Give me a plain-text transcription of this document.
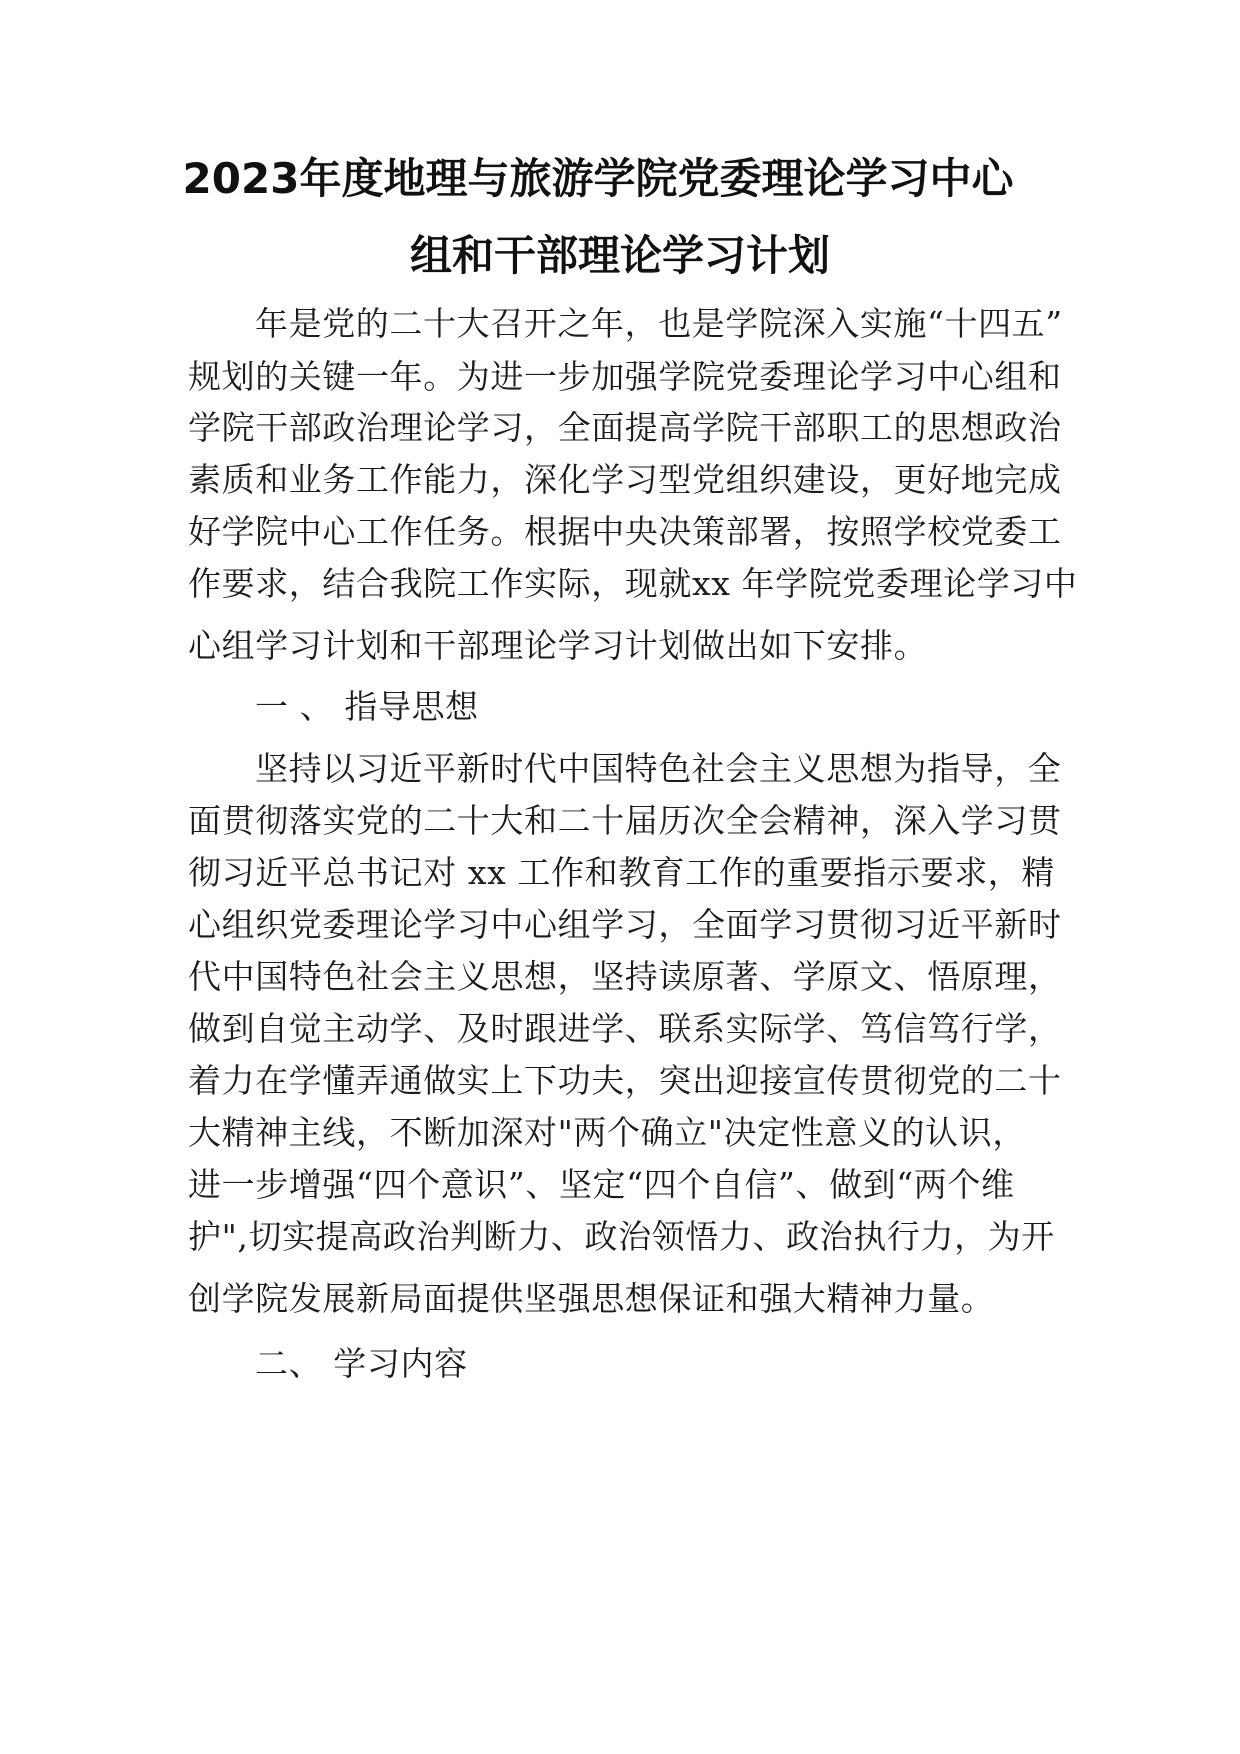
2023年度地理与旅游学院党委理论学习中心
组和干部理论学习计划
年是党的二十大召开之年，也是学院深入实施“十四五”
规划的关键一年。为进一步加强学院党委理论学习中心组和
学院干部政治理论学习，全面提高学院干部职工的思想政治
素质和业务工作能力，深化学习型党组织建设，更好地完成
好学院中心工作任务。根据中央决策部署，按照学校党委工
作要求，结合我院工作实际，现就xx 年学院党委理论学习中
心组学习计划和干部理论学习计划做出如下安排。
一 、 指导思想
坚持以习近平新时代中国特色社会主义思想为指导，全
面贯彻落实党的二十大和二十届历次全会精神，深入学习贯
彻习近平总书记对 xx 工作和教育工作的重要指示要求，精
心组织党委理论学习中心组学习，全面学习贯彻习近平新时
代中国特色社会主义思想，坚持读原著、学原文、悟原理，
做到自觉主动学、及时跟进学、联系实际学、笃信笃行学，
着力在学懂弄通做实上下功夫，突出迎接宣传贯彻党的二十
大精神主线，不断加深对"两个确立"决定性意义的认识，
进一步增强“四个意识”、坚定“四个自信”、做到“两个维
护",切实提高政治判断力、政治领悟力、政治执行力，为开
创学院发展新局面提供坚强思想保证和强大精神力量。
二、 学习内容
